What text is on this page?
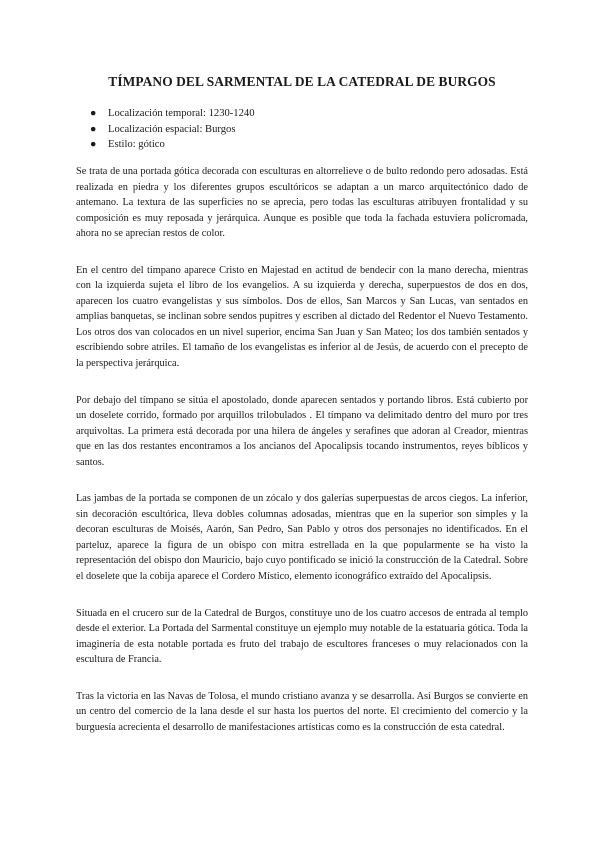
TÍMPANO DEL SARMENTAL DE LA CATEDRAL DE BURGOS
● Localización temporal: 1230-1240
● Localización espacial: Burgos
● Estilo: gótico

Se trata de una portada gótica decorada con esculturas en altorrelieve o de bulto redondo pero adosadas. Está realizada en piedra y los diferentes grupos escultóricos se adaptan a un marco arquitectónico dado de antemano. La textura de las superficies no se aprecia, pero todas las esculturas atribuyen frontalidad y su composición es muy reposada y jerárquica. Aunque es posible que toda la fachada estuviera policromada, ahora no se aprecian restos de color.

En el centro del tímpano aparece Cristo en Majestad en actitud de bendecir con la mano derecha, mientras con la izquierda sujeta el libro de los evangelios. A su izquierda y derecha, superpuestos de dos en dos, aparecen los cuatro evangelistas y sus símbolos. Dos de ellos, San Marcos y San Lucas, van sentados en amplias banquetas, se inclinan sobre sendos pupitres y escriben al dictado del Redentor el Nuevo Testamento. Los otros dos van colocados en un nivel superior, encima San Juan y San Mateo; los dos también sentados y escribiendo sobre atriles. El tamaño de los evangelistas es inferior al de Jesús, de acuerdo con el precepto de la perspectiva jerárquica.

Por debajo del tímpano se sitúa el apostolado, donde aparecen sentados y portando libros. Está cubierto por un doselete corrido, formado por arquillos trilobulados . El tímpano va delimitado dentro del muro por tres arquivoltas. La primera está decorada por una hilera de ángeles y serafines que adoran al Creador, mientras que en las dos restantes encontramos a los ancianos del Apocalipsis tocando instrumentos, reyes bíblicos y santos.

Las jambas de la portada se componen de un zócalo y dos galerías superpuestas de arcos ciegos. La inferior, sin decoración escultórica, lleva dobles columnas adosadas, mientras que en la superior son simples y la decoran esculturas de Moisés, Aarón, San Pedro, San Pablo y otros dos personajes no identificados. En el parteluz, aparece la figura de un obispo con mitra estrellada en la que popularmente se ha visto la representación del obispo don Mauricio, bajo cuyo pontificado se inició la construcción de la Catedral. Sobre el doselete que la cobija aparece el Cordero Místico, elemento iconográfico extraído del Apocalipsis.

Situada en el crucero sur de la Catedral de Burgos, constituye uno de los cuatro accesos de entrada al templo desde el exterior. La Portada del Sarmental constituye un ejemplo muy notable de la estatuaria gótica. Toda la imaginería de esta notable portada es fruto del trabajo de escultores franceses o muy relacionados con la escultura de Francia.

Tras la victoria en las Navas de Tolosa, el mundo cristiano avanza y se desarrolla. Así Burgos se convierte en un centro del comercio de la lana desde el sur hasta los puertos del norte. El crecimiento del comercio y la burguesía acrecienta el desarrollo de manifestaciones artísticas como es la construcción de esta catedral.
